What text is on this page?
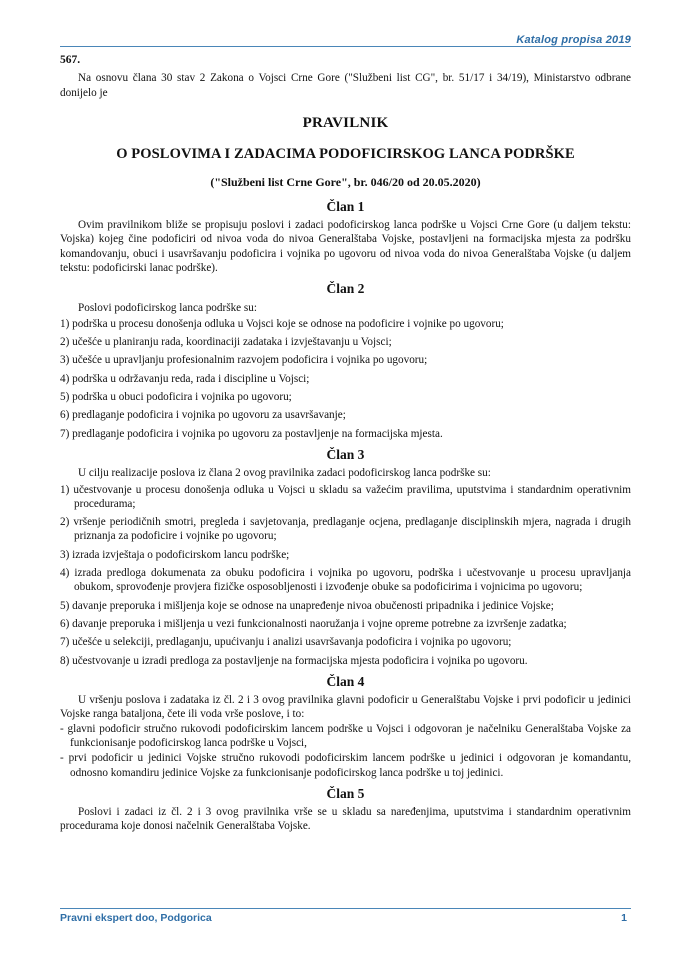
Katalog propisa 2019

567.

Na osnovu člana 30 stav 2 Zakona o Vojsci Crne Gore ("Službeni list CG", br. 51/17 i 34/19), Ministarstvo odbrane donijelo je

PRAVILNIK
O POSLOVIMA I ZADACIMA PODOFICIRSKOG LANCA PODRŠKE
("Službeni list Crne Gore", br. 046/20 od 20.05.2020)
Član 1

Ovim pravilnikom bliže se propisuju poslovi i zadaci podoficirskog lanca podrške u Vojsci Crne Gore (u daljem tekstu: Vojska) kojeg čine podoficiri od nivoa voda do nivoa Generalštaba Vojske, postavljeni na formacijska mjesta za podršku komandovanju, obuci i usavršavanju podoficira i vojnika po ugovoru od nivoa voda do nivoa Generalštaba Vojske (u daljem tekstu: podoficirski lanac podrške).

Član 2

Poslovi podoficirskog lanca podrške su:

1) podrška u procesu donošenja odluka u Vojsci koje se odnose na podoficire i vojnike po ugovoru;

2) učešće u planiranju rada, koordinaciji zadataka i izvještavanju u Vojsci;

3) učešće u upravljanju profesionalnim razvojem podoficira i vojnika po ugovoru;

4) podrška u održavanju reda, rada i discipline u Vojsci;

5) podrška u obuci podoficira i vojnika po ugovoru;

6) predlaganje podoficira i vojnika po ugovoru za usavršavanje;

7) predlaganje podoficira i vojnika po ugovoru za postavljenje na formacijska mjesta.

Član 3

U cilju realizacije poslova iz člana 2 ovog pravilnika zadaci podoficirskog lanca podrške su:

1) učestvovanje u procesu donošenja odluka u Vojsci u skladu sa važećim pravilima, uputstvima i standardnim operativnim procedurama;

2) vršenje periodičnih smotri, pregleda i savjetovanja, predlaganje ocjena, predlaganje disciplinskih mjera, nagrada i drugih priznanja za podoficire i vojnike po ugovoru;

3) izrada izvještaja o podoficirskom lancu podrške;

4) izrada predloga dokumenata za obuku podoficira i vojnika po ugovoru, podrška i učestvovanje u procesu upravljanja obukom, sprovođenje provjera fizičke osposobljenosti i izvođenje obuke sa podoficirima i vojnicima po ugovoru;

5) davanje preporuka i mišljenja koje se odnose na unapređenje nivoa obučenosti pripadnika i jedinice Vojske;

6) davanje preporuka i mišljenja u vezi funkcionalnosti naoružanja i vojne opreme potrebne za izvršenje zadatka;

7) učešće u selekciji, predlaganju, upućivanju i analizi usavršavanja podoficira i vojnika po ugovoru;

8) učestvovanje u izradi predloga za postavljenje na formacijska mjesta podoficira i vojnika po ugovoru.

Član 4

U vršenju poslova i zadataka iz čl. 2 i 3 ovog pravilnika glavni podoficir u Generalštabu Vojske i prvi podoficir u jedinici Vojske ranga bataljona, čete ili voda vrše poslove, i to:

- glavni podoficir stručno rukovodi podoficirskim lancem podrške u Vojsci i odgovoran je načelniku Generalštaba Vojske za funkcionisanje podoficirskog lanca podrške u Vojsci,

- prvi podoficir u jedinici Vojske stručno rukovodi podoficirskim lancem podrške u jedinici i odgovoran je komandantu, odnosno komandiru jedinice Vojske za funkcionisanje podoficirskog lanca podrške u toj jedinici.

Član 5

Poslovi i zadaci iz čl. 2 i 3 ovog pravilnika vrše se u skladu sa naređenjima, uputstvima i standardnim operativnim procedurama koje donosi načelnik Generalštaba Vojske.

Pravni ekspert doo, Podgorica	1
